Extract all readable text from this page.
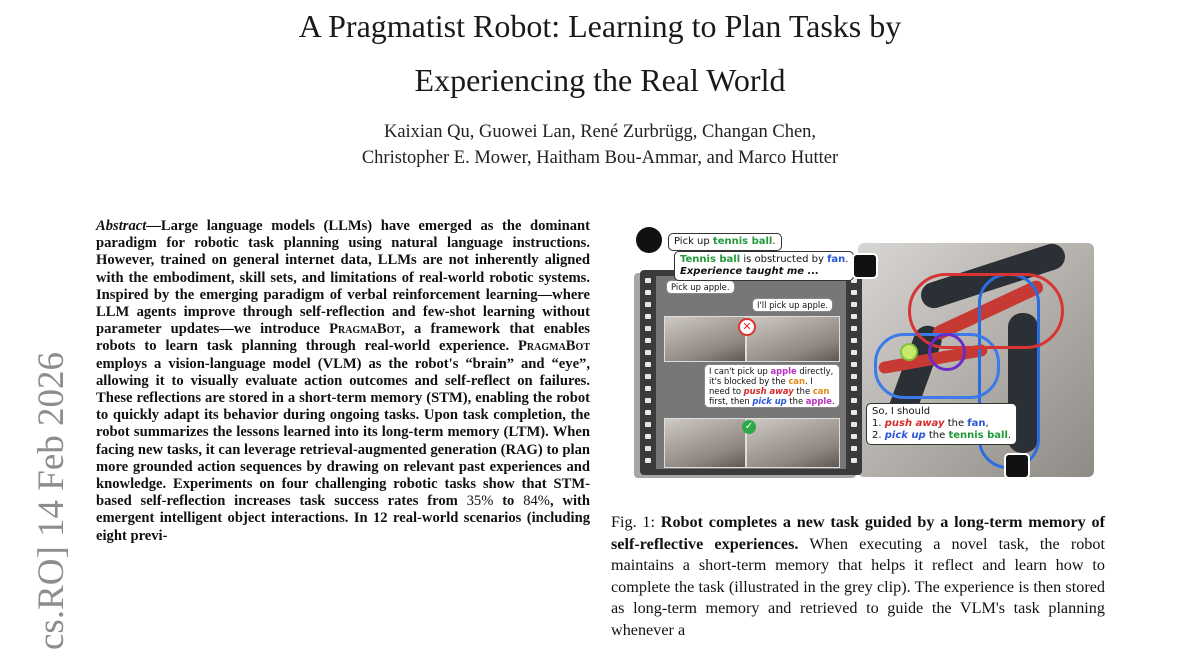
A Pragmatist Robot: Learning to Plan Tasks by
Experiencing the Real World
Kaixian Qu, Guowei Lan, René Zurbrügg, Changan Chen,
Christopher E. Mower, Haitham Bou-Ammar, and Marco Hutter
cs.RO] 14 Feb 2026
Abstract—Large language models (LLMs) have emerged as the dominant paradigm for robotic task planning using natural language instructions. However, trained on general internet data, LLMs are not inherently aligned with the embodiment, skill sets, and limitations of real-world robotic systems. Inspired by the emerging paradigm of verbal reinforcement learning—where LLM agents improve through self-reflection and few-shot learning without parameter updates—we introduce PragmaBot, a framework that enables robots to learn task planning through real-world experience. PragmaBot employs a vision-language model (VLM) as the robot's “brain” and “eye”, allowing it to visually evaluate action outcomes and self-reflect on failures. These reflections are stored in a short-term memory (STM), enabling the robot to quickly adapt its behavior during ongoing tasks. Upon task completion, the robot summarizes the lessons learned into its long-term memory (LTM). When facing new tasks, it can leverage retrieval-augmented generation (RAG) to plan more grounded action sequences by drawing on relevant past experiences and knowledge. Experiments on four challenging robotic tasks show that STM-based self-reflection increases task success rates from 35% to 84%, with emergent intelligent object interactions. In 12 real-world scenarios (including eight previ-
Pick up apple.
I'll pick up apple.
✕
I can't pick up apple directly,
it's blocked by the can. I
need to push away the can
first, then pick up the apple.
✓
Pick up tennis ball.
Tennis ball is obstructed by fan.
Experience taught me ...
So, I should
1. push away the fan,
2. pick up the tennis ball.
Fig. 1: Robot completes a new task guided by a long-term memory of self-reflective experiences. When executing a novel task, the robot maintains a short-term memory that helps it reflect and learn how to complete the task (illustrated in the grey clip). The experience is then stored as long-term memory and retrieved to guide the VLM's task planning whenever a
